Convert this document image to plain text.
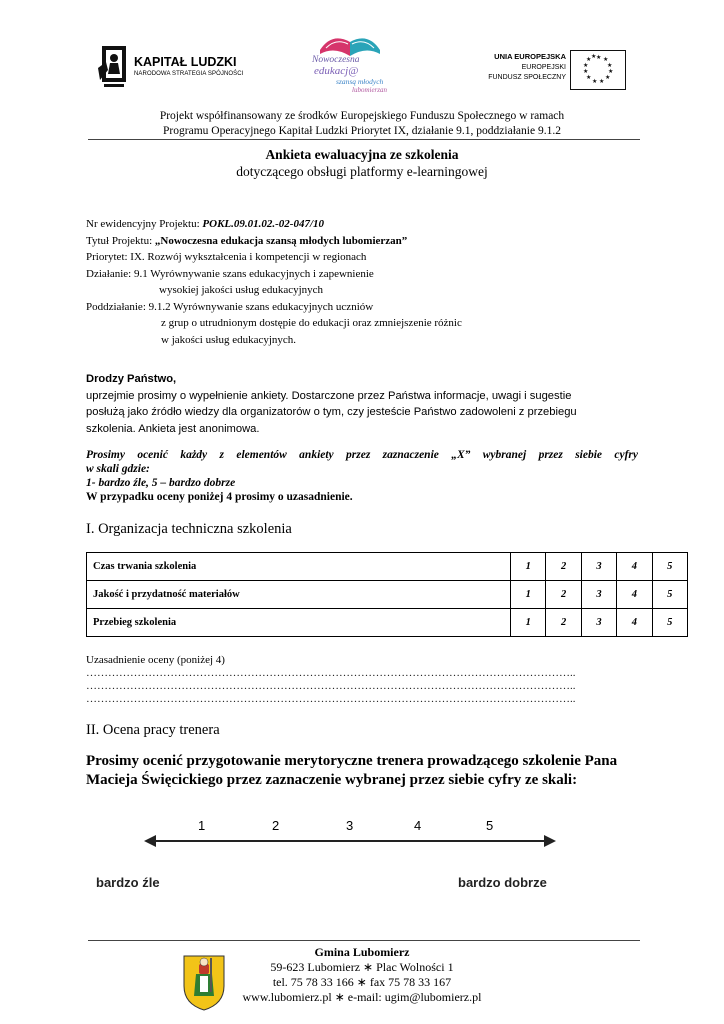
KAPITAŁ LUDZKI
NARODOWA STRATEGIA SPÓJNOŚCI
Nowoczesna
edukacj@
szansą młodych
lubomierzan
UNIA EUROPEJSKA
EUROPEJSKI
FUNDUSZ SPOŁECZNY
★ ★
★
★
★
★
★
★
★
★
★ ★
Projekt współfinansowany ze środków Europejskiego Funduszu Społecznego w ramach
Programu Operacyjnego Kapitał Ludzki Priorytet IX, działanie 9.1, poddziałanie 9.1.2
Ankieta ewaluacyjna ze szkolenia
dotyczącego obsługi platformy e-learningowej
Nr ewidencyjny Projektu: POKL.09.01.02.-02-047/10
Tytuł Projektu: „Nowoczesna edukacja szansą młodych lubomierzan”
Priorytet: IX. Rozwój wykształcenia i kompetencji w regionach
Działanie: 9.1 Wyrównywanie szans edukacyjnych i zapewnienie
wysokiej jakości usług edukacyjnych
Poddziałanie: 9.1.2 Wyrównywanie szans edukacyjnych uczniów
z grup o utrudnionym dostępie do edukacji oraz zmniejszenie różnic
w jakości usług edukacyjnych.
Drodzy Państwo,
uprzejmie prosimy o wypełnienie ankiety. Dostarczone przez Państwa informacje, uwagi i sugestie
posłużą jako źródło wiedzy dla organizatorów o tym, czy jesteście Państwo zadowoleni z przebiegu
szkolenia. Ankieta jest anonimowa.
Prosimy ocenić każdy z elementów ankiety przez zaznaczenie „X” wybranej przez siebie cyfry
w skali gdzie:
1- bardzo źle, 5 – bardzo dobrze
W przypadku oceny poniżej 4 prosimy o uzasadnienie.
I. Organizacja techniczna szkolenia
Czas trwania szkolenia	1	2	3	4	5
Jakość i przydatność materiałów	1	2	3	4	5
Przebieg szkolenia	1	2	3	4	5
Uzasadnienie oceny (poniżej 4)
……………………………………………………………………………………………………………………..
……………………………………………………………………………………………………………………..
……………………………………………………………………………………………………………………..
II. Ocena pracy trenera
Prosimy ocenić przygotowanie merytoryczne trenera prowadzącego szkolenie Pana
Macieja Święcickiego przez zaznaczenie wybranej przez siebie cyfry ze skali:
1	2	3	4	5
bardzo źle	bardzo dobrze
Gmina Lubomierz
59-623 Lubomierz ∗ Plac Wolności 1
tel. 75 78 33 166 ∗ fax 75 78 33 167
www.lubomierz.pl ∗ e-mail: ugim@lubomierz.pl
